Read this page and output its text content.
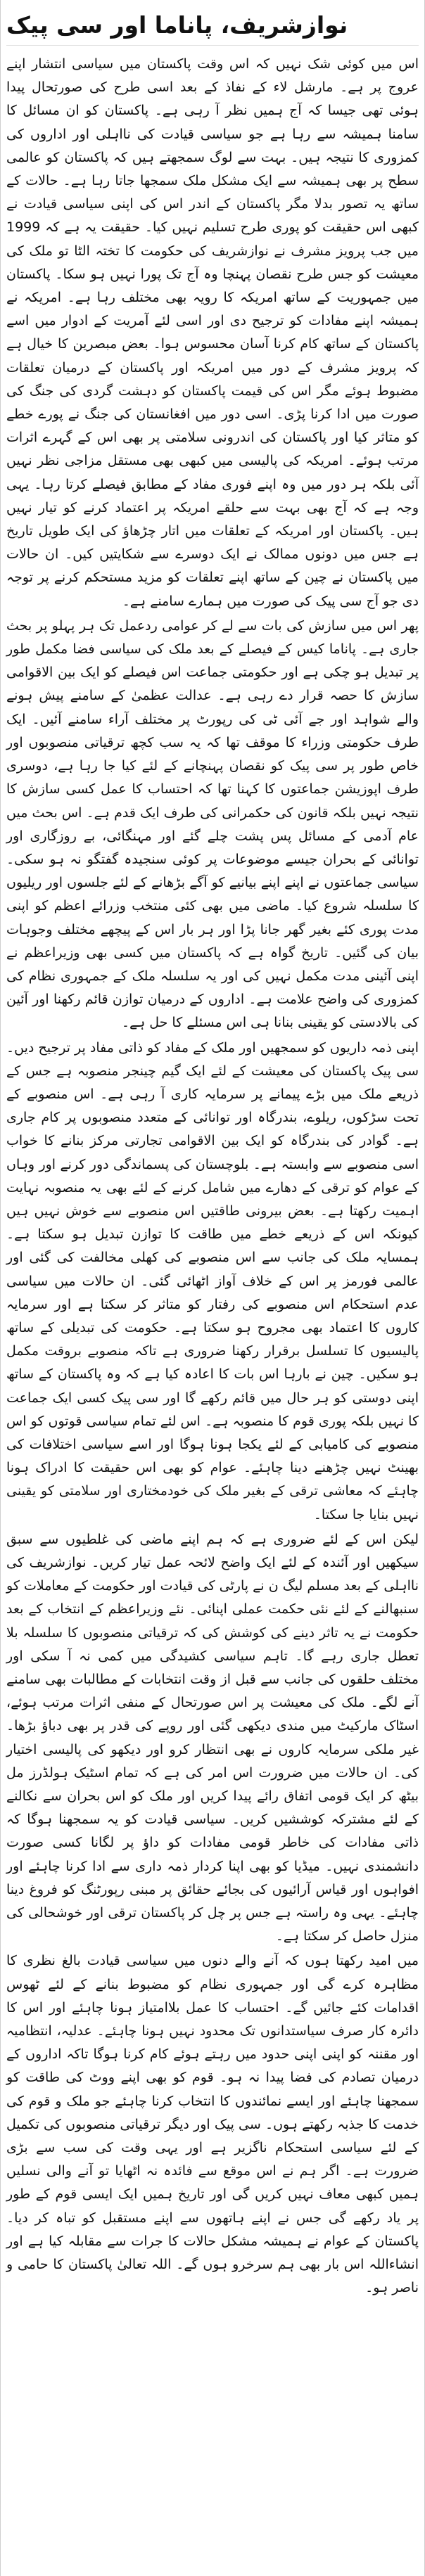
نوازشریف، پاناما اور سی پیک

اس میں کوئی شک نہیں کہ اس وقت پاکستان میں سیاسی انتشار اپنے عروج پر ہے۔ مارشل لاء کے نفاذ کے بعد اسی طرح کی صورتحال پیدا ہوئی تھی جیسا کہ آج ہمیں نظر آ رہی ہے۔ پاکستان کو ان مسائل کا سامنا ہمیشہ سے رہا ہے جو سیاسی قیادت کی نااہلی اور اداروں کی کمزوری کا نتیجہ ہیں۔ بہت سے لوگ سمجھتے ہیں کہ پاکستان کو عالمی سطح پر بھی ہمیشہ سے ایک مشکل ملک سمجھا جاتا رہا ہے۔ حالات کے ساتھ یہ تصور بدلا مگر پاکستان کے اندر اس کی اپنی سیاسی قیادت نے کبھی اس حقیقت کو پوری طرح تسلیم نہیں کیا۔ حقیقت یہ ہے کہ 1999 میں جب پرویز مشرف نے نوازشریف کی حکومت کا تختہ الٹا تو ملک کی معیشت کو جس طرح نقصان پہنچا وہ آج تک پورا نہیں ہو سکا۔ پاکستان میں جمہوریت کے ساتھ امریکہ کا رویہ بھی مختلف رہا ہے۔ امریکہ نے ہمیشہ اپنے مفادات کو ترجیح دی اور اسی لئے آمریت کے ادوار میں اسے پاکستان کے ساتھ کام کرنا آسان محسوس ہوا۔ بعض مبصرین کا خیال ہے کہ پرویز مشرف کے دور میں امریکہ اور پاکستان کے درمیان تعلقات مضبوط ہوئے مگر اس کی قیمت پاکستان کو دہشت گردی کی جنگ کی صورت میں ادا کرنا پڑی۔ اسی دور میں افغانستان کی جنگ نے پورے خطے کو متاثر کیا اور پاکستان کی اندرونی سلامتی پر بھی اس کے گہرے اثرات مرتب ہوئے۔ امریکہ کی پالیسی میں کبھی بھی مستقل مزاجی نظر نہیں آئی بلکہ ہر دور میں وہ اپنے فوری مفاد کے مطابق فیصلے کرتا رہا۔ یہی وجہ ہے کہ آج بھی بہت سے حلقے امریکہ پر اعتماد کرنے کو تیار نہیں ہیں۔ پاکستان اور امریکہ کے تعلقات میں اتار چڑھاؤ کی ایک طویل تاریخ ہے جس میں دونوں ممالک نے ایک دوسرے سے شکایتیں کیں۔ ان حالات میں پاکستان نے چین کے ساتھ اپنے تعلقات کو مزید مستحکم کرنے پر توجہ دی جو آج سی پیک کی صورت میں ہمارے سامنے ہے۔

پھر اس میں سازش کی بات سے لے کر عوامی ردعمل تک ہر پہلو پر بحث جاری ہے۔ پاناما کیس کے فیصلے کے بعد ملک کی سیاسی فضا مکمل طور پر تبدیل ہو چکی ہے اور حکومتی جماعت اس فیصلے کو ایک بین الاقوامی سازش کا حصہ قرار دے رہی ہے۔ عدالت عظمیٰ کے سامنے پیش ہونے والے شواہد اور جے آئی ٹی کی رپورٹ پر مختلف آراء سامنے آئیں۔ ایک طرف حکومتی وزراء کا موقف تھا کہ یہ سب کچھ ترقیاتی منصوبوں اور خاص طور پر سی پیک کو نقصان پہنچانے کے لئے کیا جا رہا ہے، دوسری طرف اپوزیشن جماعتوں کا کہنا تھا کہ احتساب کا عمل کسی سازش کا نتیجہ نہیں بلکہ قانون کی حکمرانی کی طرف ایک قدم ہے۔ اس بحث میں عام آدمی کے مسائل پس پشت چلے گئے اور مہنگائی، بے روزگاری اور توانائی کے بحران جیسے موضوعات پر کوئی سنجیدہ گفتگو نہ ہو سکی۔ سیاسی جماعتوں نے اپنے اپنے بیانیے کو آگے بڑھانے کے لئے جلسوں اور ریلیوں کا سلسلہ شروع کیا۔ ماضی میں بھی کئی منتخب وزرائے اعظم کو اپنی مدت پوری کئے بغیر گھر جانا پڑا اور ہر بار اس کے پیچھے مختلف وجوہات بیان کی گئیں۔ تاریخ گواہ ہے کہ پاکستان میں کسی بھی وزیراعظم نے اپنی آئینی مدت مکمل نہیں کی اور یہ سلسلہ ملک کے جمہوری نظام کی کمزوری کی واضح علامت ہے۔ اداروں کے درمیان توازن قائم رکھنا اور آئین کی بالادستی کو یقینی بنانا ہی اس مسئلے کا حل ہے۔

اپنی ذمہ داریوں کو سمجھیں اور ملک کے مفاد کو ذاتی مفاد پر ترجیح دیں۔ سی پیک پاکستان کی معیشت کے لئے ایک گیم چینجر منصوبہ ہے جس کے ذریعے ملک میں بڑے پیمانے پر سرمایہ کاری آ رہی ہے۔ اس منصوبے کے تحت سڑکوں، ریلوے، بندرگاہ اور توانائی کے متعدد منصوبوں پر کام جاری ہے۔ گوادر کی بندرگاہ کو ایک بین الاقوامی تجارتی مرکز بنانے کا خواب اسی منصوبے سے وابستہ ہے۔ بلوچستان کی پسماندگی دور کرنے اور وہاں کے عوام کو ترقی کے دھارے میں شامل کرنے کے لئے بھی یہ منصوبہ نہایت اہمیت رکھتا ہے۔ بعض بیرونی طاقتیں اس منصوبے سے خوش نہیں ہیں کیونکہ اس کے ذریعے خطے میں طاقت کا توازن تبدیل ہو سکتا ہے۔ ہمسایہ ملک کی جانب سے اس منصوبے کی کھلی مخالفت کی گئی اور عالمی فورمز پر اس کے خلاف آواز اٹھائی گئی۔ ان حالات میں سیاسی عدم استحکام اس منصوبے کی رفتار کو متاثر کر سکتا ہے اور سرمایہ کاروں کا اعتماد بھی مجروح ہو سکتا ہے۔ حکومت کی تبدیلی کے ساتھ پالیسیوں کا تسلسل برقرار رکھنا ضروری ہے تاکہ منصوبے بروقت مکمل ہو سکیں۔ چین نے بارہا اس بات کا اعادہ کیا ہے کہ وہ پاکستان کے ساتھ اپنی دوستی کو ہر حال میں قائم رکھے گا اور سی پیک کسی ایک جماعت کا نہیں بلکہ پوری قوم کا منصوبہ ہے۔ اس لئے تمام سیاسی قوتوں کو اس منصوبے کی کامیابی کے لئے یکجا ہونا ہوگا اور اسے سیاسی اختلافات کی بھینٹ نہیں چڑھنے دینا چاہئے۔ عوام کو بھی اس حقیقت کا ادراک ہونا چاہئے کہ معاشی ترقی کے بغیر ملک کی خودمختاری اور سلامتی کو یقینی نہیں بنایا جا سکتا۔

لیکن اس کے لئے ضروری ہے کہ ہم اپنے ماضی کی غلطیوں سے سبق سیکھیں اور آئندہ کے لئے ایک واضح لائحہ عمل تیار کریں۔ نوازشریف کی نااہلی کے بعد مسلم لیگ ن نے پارٹی کی قیادت اور حکومت کے معاملات کو سنبھالنے کے لئے نئی حکمت عملی اپنائی۔ نئے وزیراعظم کے انتخاب کے بعد حکومت نے یہ تاثر دینے کی کوشش کی کہ ترقیاتی منصوبوں کا سلسلہ بلا تعطل جاری رہے گا۔ تاہم سیاسی کشیدگی میں کمی نہ آ سکی اور مختلف حلقوں کی جانب سے قبل از وقت انتخابات کے مطالبات بھی سامنے آنے لگے۔ ملک کی معیشت پر اس صورتحال کے منفی اثرات مرتب ہوئے، اسٹاک مارکیٹ میں مندی دیکھی گئی اور روپے کی قدر پر بھی دباؤ بڑھا۔ غیر ملکی سرمایہ کاروں نے بھی انتظار کرو اور دیکھو کی پالیسی اختیار کی۔ ان حالات میں ضرورت اس امر کی ہے کہ تمام اسٹیک ہولڈرز مل بیٹھ کر ایک قومی اتفاق رائے پیدا کریں اور ملک کو اس بحران سے نکالنے کے لئے مشترکہ کوششیں کریں۔ سیاسی قیادت کو یہ سمجھنا ہوگا کہ ذاتی مفادات کی خاطر قومی مفادات کو داؤ پر لگانا کسی صورت دانشمندی نہیں۔ میڈیا کو بھی اپنا کردار ذمہ داری سے ادا کرنا چاہئے اور افواہوں اور قیاس آرائیوں کی بجائے حقائق پر مبنی رپورٹنگ کو فروغ دینا چاہئے۔ یہی وہ راستہ ہے جس پر چل کر پاکستان ترقی اور خوشحالی کی منزل حاصل کر سکتا ہے۔

میں امید رکھتا ہوں کہ آنے والے دنوں میں سیاسی قیادت بالغ نظری کا مظاہرہ کرے گی اور جمہوری نظام کو مضبوط بنانے کے لئے ٹھوس اقدامات کئے جائیں گے۔ احتساب کا عمل بلاامتیاز ہونا چاہئے اور اس کا دائرہ کار صرف سیاستدانوں تک محدود نہیں ہونا چاہئے۔ عدلیہ، انتظامیہ اور مقننہ کو اپنی اپنی حدود میں رہتے ہوئے کام کرنا ہوگا تاکہ اداروں کے درمیان تصادم کی فضا پیدا نہ ہو۔ قوم کو بھی اپنے ووٹ کی طاقت کو سمجھنا چاہئے اور ایسے نمائندوں کا انتخاب کرنا چاہئے جو ملک و قوم کی خدمت کا جذبہ رکھتے ہوں۔ سی پیک اور دیگر ترقیاتی منصوبوں کی تکمیل کے لئے سیاسی استحکام ناگزیر ہے اور یہی وقت کی سب سے بڑی ضرورت ہے۔ اگر ہم نے اس موقع سے فائدہ نہ اٹھایا تو آنے والی نسلیں ہمیں کبھی معاف نہیں کریں گی اور تاریخ ہمیں ایک ایسی قوم کے طور پر یاد رکھے گی جس نے اپنے ہاتھوں سے اپنے مستقبل کو تباہ کر دیا۔ پاکستان کے عوام نے ہمیشہ مشکل حالات کا جرات سے مقابلہ کیا ہے اور انشاءاللہ اس بار بھی ہم سرخرو ہوں گے۔ اللہ تعالیٰ پاکستان کا حامی و ناصر ہو۔
